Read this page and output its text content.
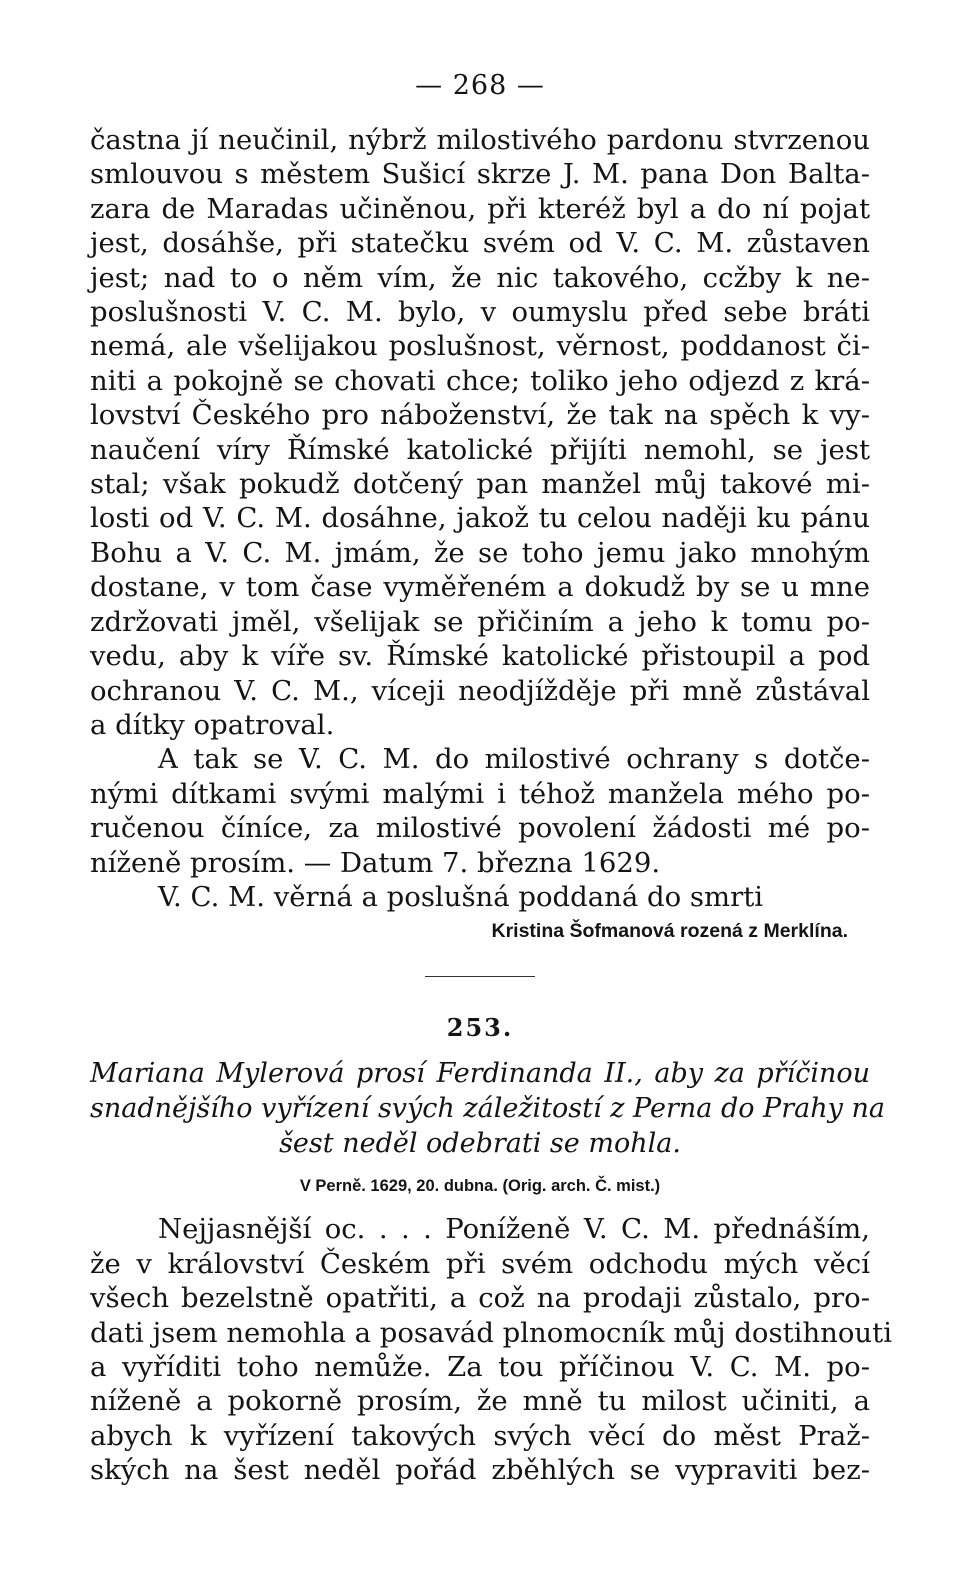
— 268 —
častna jí neučinil, nýbrž milostivého pardonu stvrzenou
smlouvou s městem Sušicí skrze J. M. pana Don Balta-
zara de Maradas učiněnou, při kteréž byl a do ní pojat
jest, dosáhše, při statečku svém od V. C. M. zůstaven
jest; nad to o něm vím, že nic takového, ccžby k ne-
poslušnosti V. C. M. bylo, v oumyslu před sebe bráti
nemá, ale všelijakou poslušnost, věrnost, poddanost či-
niti a pokojně se chovati chce; toliko jeho odjezd z krá-
lovství Českého pro náboženství, že tak na spěch k vy-
naučení víry Římské katolické přijíti nemohl, se jest
stal; však pokudž dotčený pan manžel můj takové mi-
losti od V. C. M. dosáhne, jakož tu celou naději ku pánu
Bohu a V. C. M. jmám, že se toho jemu jako mnohým
dostane, v tom čase vyměřeném a dokudž by se u mne
zdržovati jměl, všelijak se přičiním a jeho k tomu po-
vedu, aby k víře sv. Římské katolické přistoupil a pod
ochranou V. C. M., víceji neodjížděje při mně zůstával
a dítky opatroval.
A tak se V. C. M. do milostivé ochrany s dotče-
nými dítkami svými malými i téhož manžela mého po-
ručenou číníce, za milostivé povolení žádosti mé po-
níženě prosím. — Datum 7. března 1629.
V. C. M. věrná a poslušná poddaná do smrti
Kristina Šofmanová rozená z Merklína.
253.
Mariana Mylerová prosí Ferdinanda II., aby za příčinou
snadnějšího vyřízení svých záležitostí z Perna do Prahy na
šest neděl odebrati se mohla.
V Perně. 1629, 20. dubna. (Orig. arch. Č. mist.)
Nejjasnější oc. . . . Poníženě V. C. M. přednáším,
že v království Českém při svém odchodu mých věcí
všech bezelstně opatřiti, a což na prodaji zůstalo, pro-
dati jsem nemohla a posavád plnomocník můj dostihnouti
a vyříditi toho nemůže. Za tou příčinou V. C. M. po-
níženě a pokorně prosím, že mně tu milost učiniti, a
abych k vyřízení takových svých věcí do měst Praž-
ských na šest neděl pořád zběhlých se vypraviti bez-
